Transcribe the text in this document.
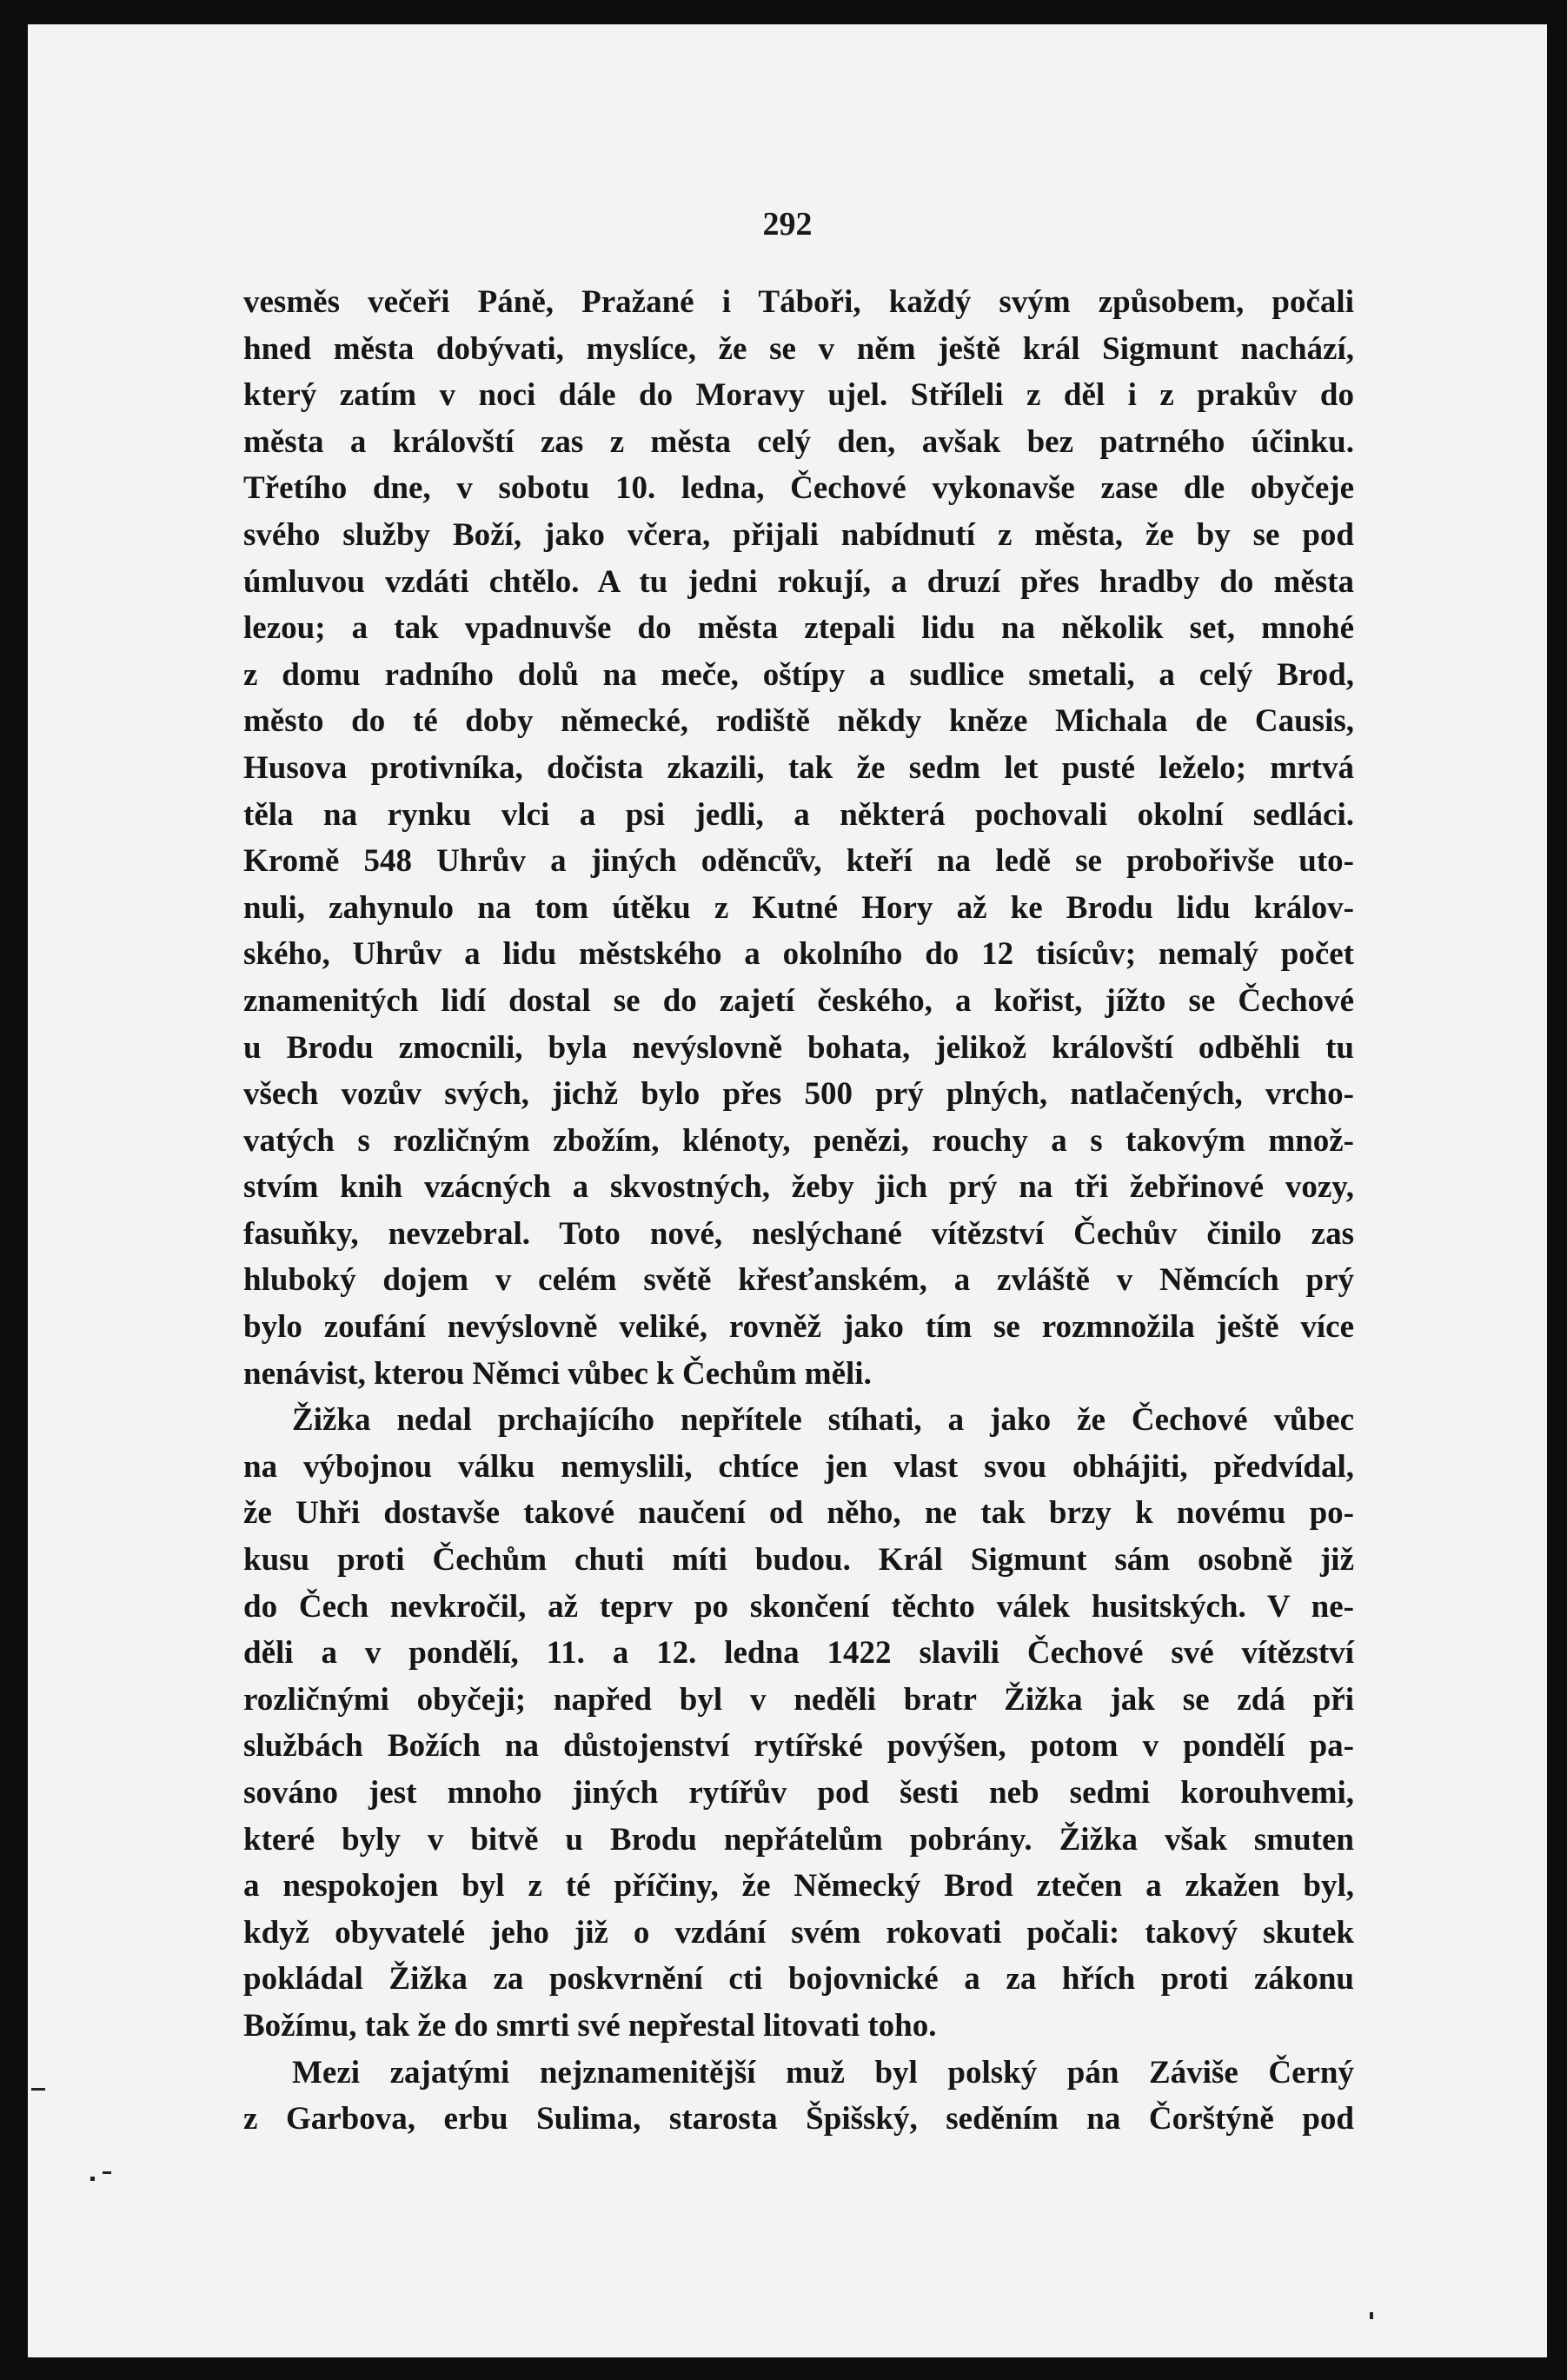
292
vesměs večeři Páně, Pražané i Táboři, každý svým způsobem, počali
hned města dobývati, myslíce, že se v něm ještě král Sigmunt nachází,
který zatím v noci dále do Moravy ujel. Stříleli z děl i z prakův do
města a královští zas z města celý den, avšak bez patrného účinku.
Třetího dne, v sobotu 10. ledna, Čechové vykonavše zase dle obyčeje
svého služby Boží, jako včera, přijali nabídnutí z města, že by se pod
úmluvou vzdáti chtělo. A tu jedni rokují, a druzí přes hradby do města
lezou; a tak vpadnuvše do města ztepali lidu na několik set, mnohé
z domu radního dolů na meče, oštípy a sudlice smetali, a celý Brod,
město do té doby německé, rodiště někdy kněze Michala de Causis,
Husova protivníka, dočista zkazili, tak že sedm let pusté leželo; mrtvá
těla na rynku vlci a psi jedli, a některá pochovali okolní sedláci.
Kromě 548 Uhrův a jiných oděnců̊v, kteří na ledě se probořivše uto-
nuli, zahynulo na tom útěku z Kutné Hory až ke Brodu lidu králov-
ského, Uhrův a lidu městského a okolního do 12 tisícův; nemalý počet
znamenitých lidí dostal se do zajetí českého, a kořist, jížto se Čechové
u Brodu zmocnili, byla nevýslovně bohata, jelikož královští odběhli tu
všech vozův svých, jichž bylo přes 500 prý plných, natlačených, vrcho-
vatých s rozličným zbožím, klénoty, penězi, rouchy a s takovým množ-
stvím knih vzácných a skvostných, žeby jich prý na tři žebřinové vozy,
fasuňky, nevzebral. Toto nové, neslýchané vítězství Čechův činilo zas
hluboký dojem v celém světě křesťanském, a zvláště v Němcích prý
bylo zoufání nevýslovně veliké, rovněž jako tím se rozmnožila ještě více
nenávist, kterou Němci vůbec k Čechům měli.
Žižka nedal prchajícího nepřítele stíhati, a jako že Čechové vůbec
na výbojnou válku nemyslili, chtíce jen vlast svou obhájiti, předvídal,
že Uhři dostavše takové naučení od něho, ne tak brzy k novému po-
kusu proti Čechům chuti míti budou. Král Sigmunt sám osobně již
do Čech nevkročil, až teprv po skončení těchto válek husitských. V ne-
děli a v pondělí, 11. a 12. ledna 1422 slavili Čechové své vítězství
rozličnými obyčeji; napřed byl v neděli bratr Žižka jak se zdá při
službách Božích na důstojenství rytířské povýšen, potom v pondělí pa-
sováno jest mnoho jiných rytířův pod šesti neb sedmi korouhvemi,
které byly v bitvě u Brodu nepřátelům pobrány. Žižka však smuten
a nespokojen byl z té příčiny, že Německý Brod ztečen a zkažen byl,
když obyvatelé jeho již o vzdání svém rokovati počali: takový skutek
pokládal Žižka za poskvrnění cti bojovnické a za hřích proti zákonu
Božímu, tak že do smrti své nepřestal litovati toho.
Mezi zajatými nejznamenitější muž byl polský pán Záviše Černý
z Garbova, erbu Sulima, starosta Špišský, seděním na Čorštýně pod
